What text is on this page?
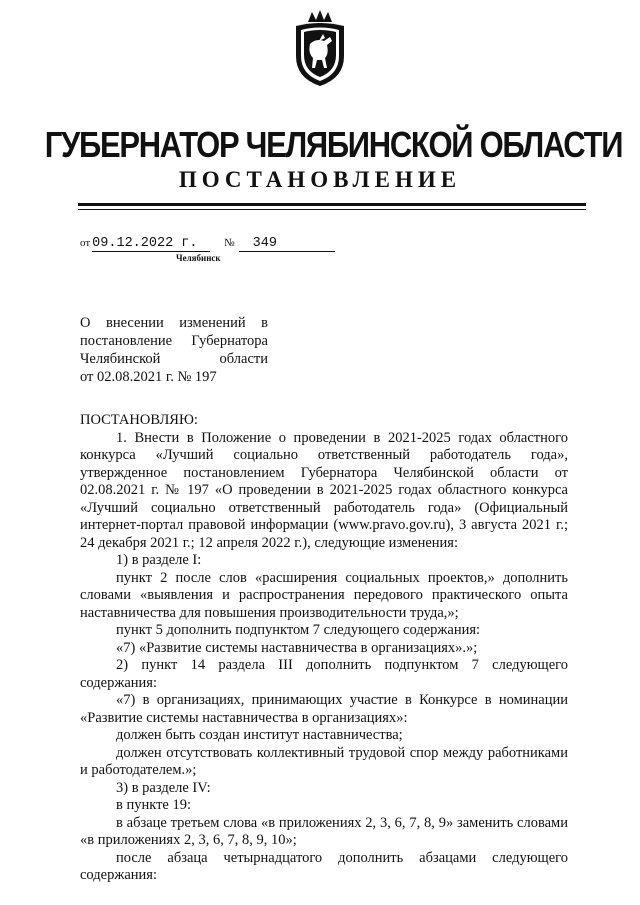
ГУБЕРНАТОР ЧЕЛЯБИНСКОЙ ОБЛАСТИ
ПОСТАНОВЛЕНИЕ
от 09.12.2022 г. № 349
Челябинск
О внесении изменений в
постановление Губернатора
Челябинской области
от 02.08.2021 г. № 197

ПОСТАНОВЛЯЮ:

1. Внести в Положение о проведении в 2021-2025 годах областного конкурса «Лучший социально ответственный работодатель года», утвержденное постановлением Губернатора Челябинской области от 02.08.2021 г. № 197 «О проведении в 2021-2025 годах областного конкурса «Лучший социально ответственный работодатель года» (Официальный интернет-портал правовой информации (www.pravo.gov.ru), 3 августа 2021 г.; 24 декабря 2021 г.; 12 апреля 2022 г.), следующие изменения:

1) в разделе I:

пункт 2 после слов «расширения социальных проектов,» дополнить словами «выявления и распространения передового практического опыта наставничества для повышения производительности труда,»;

пункт 5 дополнить подпунктом 7 следующего содержания:

«7) «Развитие системы наставничества в организациях».»;

2) пункт 14 раздела III дополнить подпунктом 7 следующего содержания:

«7) в организациях, принимающих участие в Конкурсе в номинации «Развитие системы наставничества в организациях»:

должен быть создан институт наставничества;

должен отсутствовать коллективный трудовой спор между работниками и работодателем.»;

3) в разделе IV:

в пункте 19:

в абзаце третьем слова «в приложениях 2, 3, 6, 7, 8, 9» заменить словами «в приложениях 2, 3, 6, 7, 8, 9, 10»;

после абзаца четырнадцатого дополнить абзацами следующего содержания:
